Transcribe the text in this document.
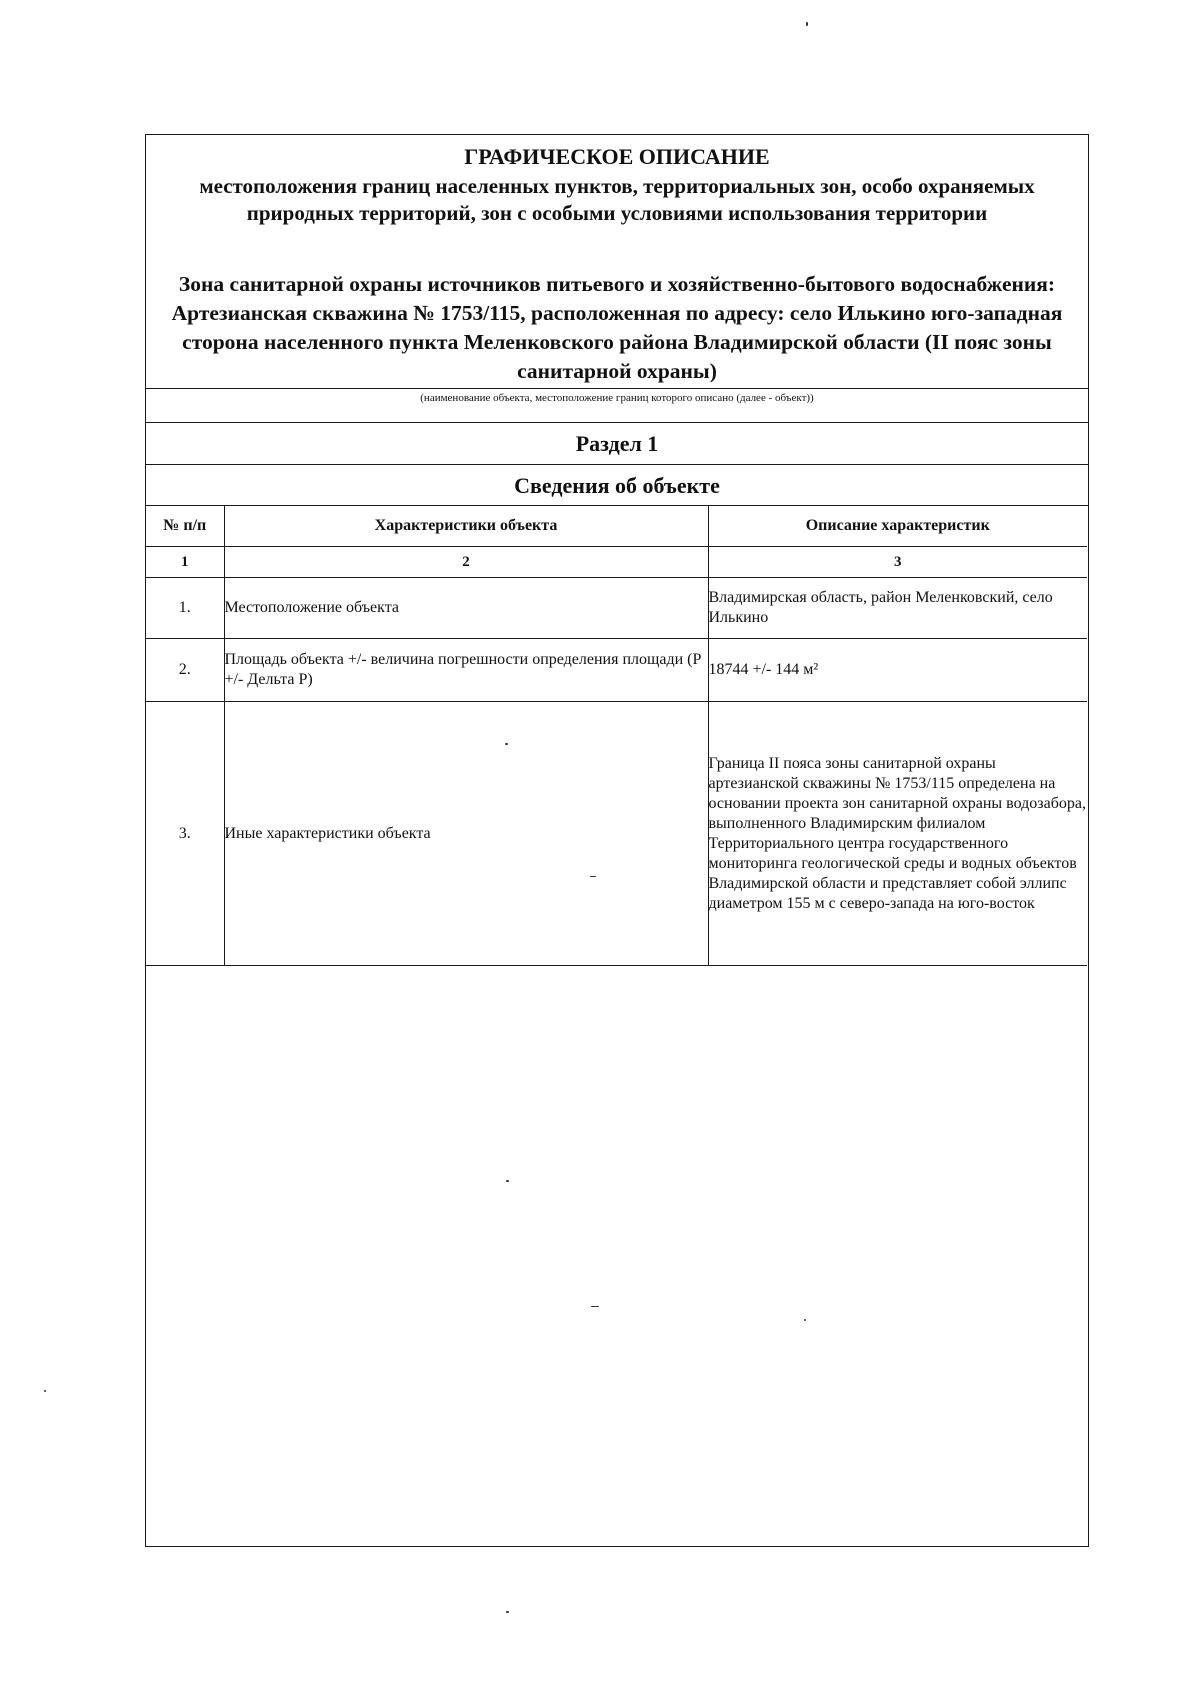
ГРАФИЧЕСКОЕ ОПИСАНИЕ
местоположения границ населенных пунктов, территориальных зон, особо охраняемых природных территорий, зон с особыми условиями использования территории
Зона санитарной охраны источников питьевого и хозяйственно-бытового водоснабжения: Артезианская скважина № 1753/115, расположенная по адресу: село Илькино юго-западная сторона населенного пункта Меленковского района Владимирской области (II пояс зоны санитарной охраны)
(наименование объекта, местоположение границ которого описано (далее - объект))
Раздел 1
Сведения об объекте
№ п/п	Характеристики объекта	Описание характеристик
1	2	3
1.	Местоположение объекта	Владимирская область, район Меленковский, село Илькино
2.	Площадь объекта +/- величина погрешности определения площади (Р +/- Дельта Р)	18744 +/- 144 м²
3.	Иные характеристики объекта	Граница II пояса зоны санитарной охраны артезианской скважины № 1753/115 определена на основании проекта зон санитарной охраны водозабора, выполненного Владимирским филиалом Территориального центра государственного мониторинга геологической среды и водных объектов Владимирской области и представляет собой эллипс диаметром 155 м с северо-запада на юго-восток
